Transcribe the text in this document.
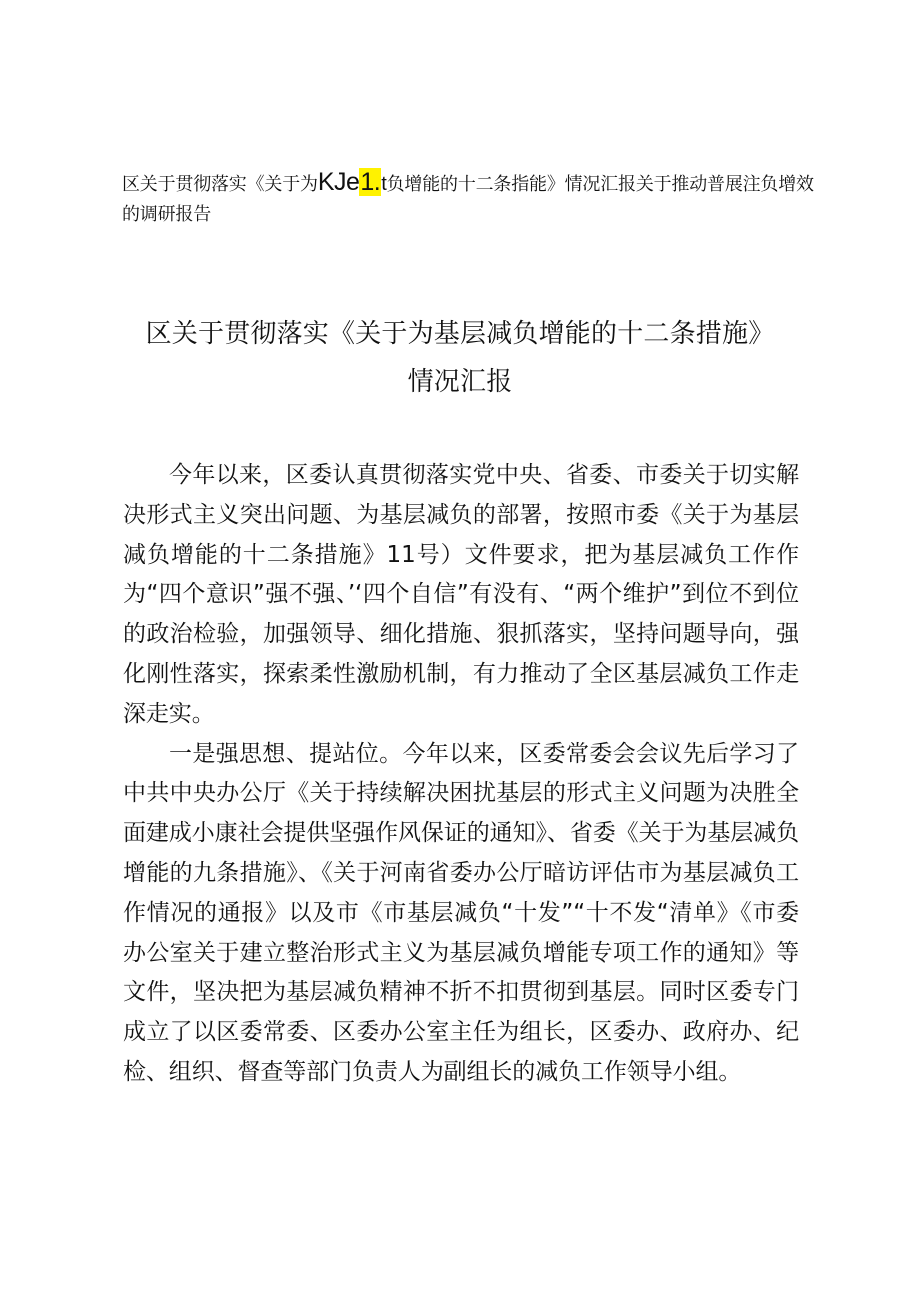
区关于贯彻落实《关于为KJe1.t负增能的十二条指能》情况汇报关于推动普展注负增效的调研报告
区关于贯彻落实《关于为基层减负增能的十二条措施》
情况汇报

今年以来，区委认真贯彻落实党中央、省委、市委关于切实解决形式主义突出问题、为基层减负的部署，按照市委《关于为基层减负增能的十二条措施》11号）文件要求，把为基层减负工作作为“四个意识”强不强、’‘四个自信”有没有、“两个维护”到位不到位的政治检验，加强领导、细化措施、狠抓落实，坚持问题导向，强化刚性落实，探索柔性激励机制，有力推动了全区基层减负工作走深走实。

一是强思想、提站位。今年以来，区委常委会会议先后学习了中共中央办公厅《关于持续解决困扰基层的形式主义问题为决胜全面建成小康社会提供坚强作风保证的通知》、省委《关于为基层减负增能的九条措施》、《关于河南省委办公厅暗访评估市为基层减负工作情况的通报》以及市《市基层减负“十发”“十不发“清单》《市委办公室关于建立整治形式主义为基层减负增能专项工作的通知》等文件，坚决把为基层减负精神不折不扣贯彻到基层。同时区委专门成立了以区委常委、区委办公室主任为组长，区委办、政府办、纪检、组织、督查等部门负责人为副组长的减负工作领导小组。
